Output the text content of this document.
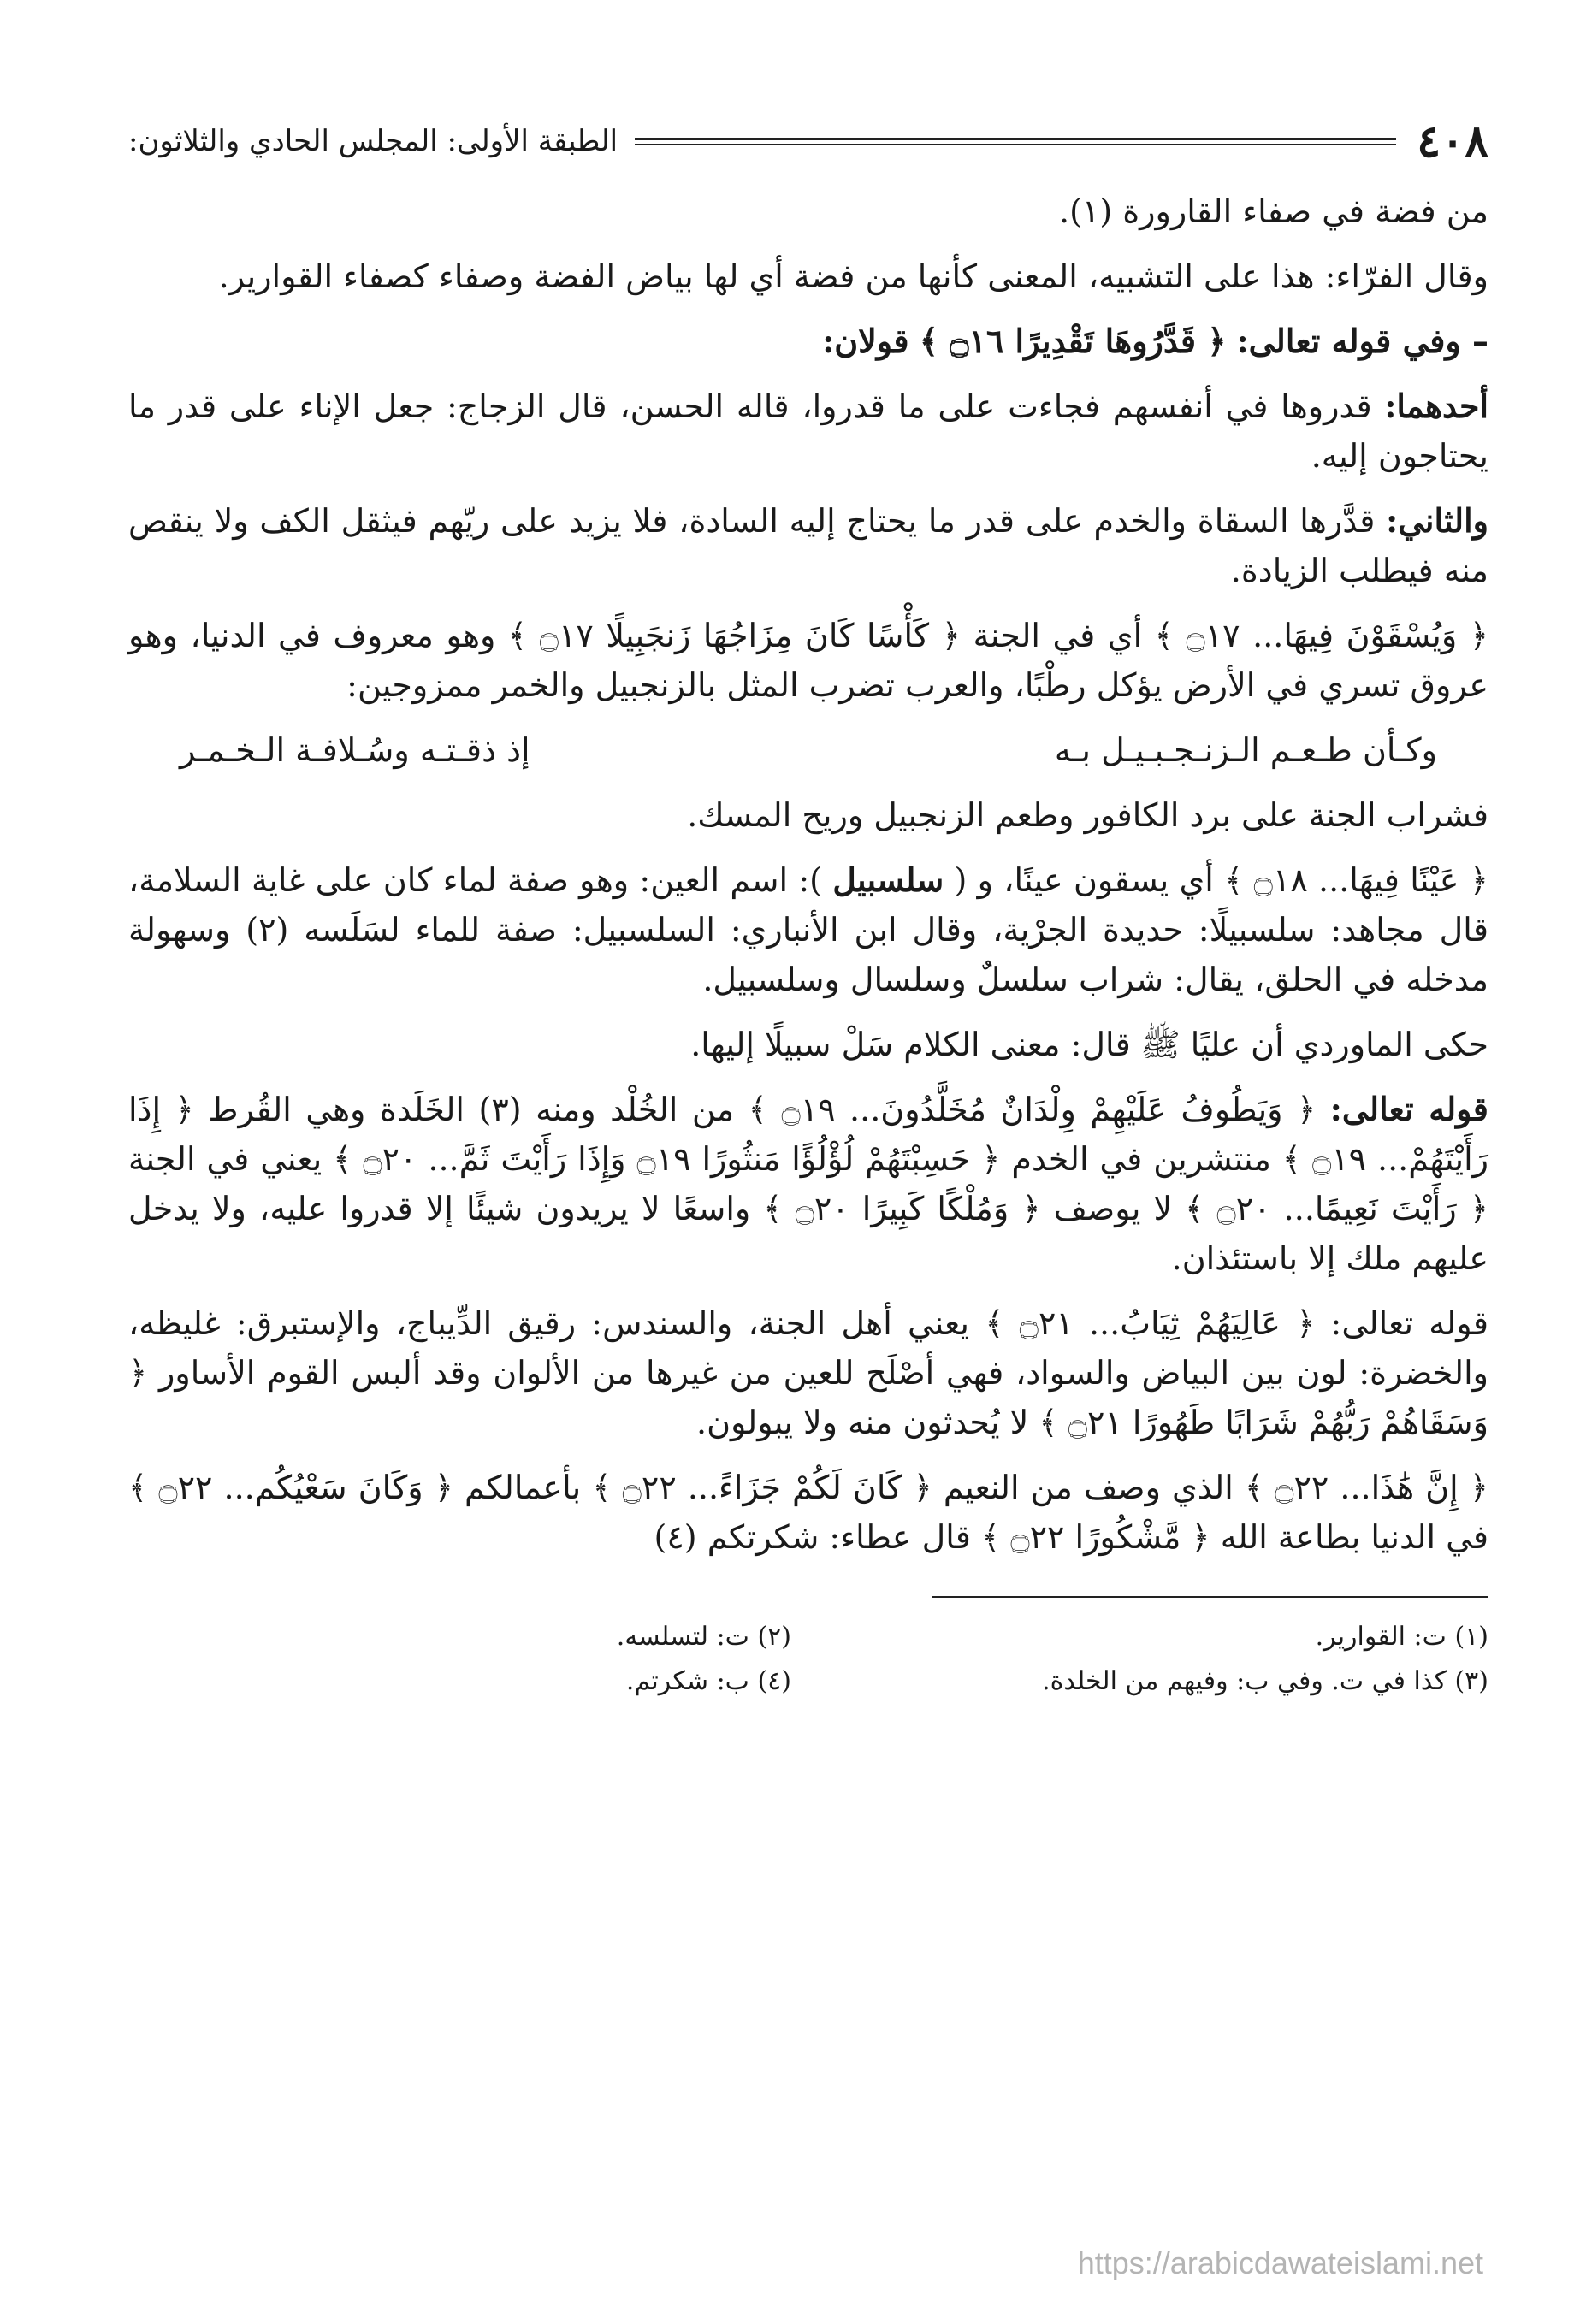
٤٠٨
الطبقة الأولى: المجلس الحادي والثلاثون:

من فضة في صفاء القارورة (١).

وقال الفرّاء: هذا على التشبيه، المعنى كأنها من فضة أي لها بياض الفضة وصفاء كصفاء القوارير.

– وفي قوله تعالى: ﴿ قَدَّرُوهَا تَقْدِيرًا ۝١٦ ﴾ قولان:

أحدهما: قدروها في أنفسهم فجاءت على ما قدروا، قاله الحسن، قال الزجاج: جعل الإناء على قدر ما يحتاجون إليه.

والثاني: قدَّرها السقاة والخدم على قدر ما يحتاج إليه السادة، فلا يزيد على ريّهم فيثقل الكف ولا ينقص منه فيطلب الزيادة.

﴿ وَيُسْقَوْنَ فِيهَا... ۝١٧ ﴾ أي في الجنة ﴿ كَأْسًا كَانَ مِزَاجُهَا زَنجَبِيلًا ۝١٧ ﴾ وهو معروف في الدنيا، وهو عروق تسري في الأرض يؤكل رطْبًا، والعرب تضرب المثل بالزنجبيل والخمر ممزوجين:

وكـأن طـعـم الـزنـجـبـيـل بـه
إذ ذقـتـه وسُـلافـة الـخـمـر

فشراب الجنة على برد الكافور وطعم الزنجبيل وريح المسك.

﴿ عَيْنًا فِيهَا... ۝١٨ ﴾ أي يسقون عينًا، و ( سلسبيل ): اسم العين: وهو صفة لماء كان على غاية السلامة، قال مجاهد: سلسبيلًا: حديدة الجرْية، وقال ابن الأنباري: السلسبيل: صفة للماء لسَلَسه (٢) وسهولة مدخله في الحلق، يقال: شراب سلسلٌ وسلسال وسلسبيل.

حكى الماوردي أن عليًا ﷺ قال: معنى الكلام سَلْ سبيلًا إليها.

قوله تعالى: ﴿ وَيَطُوفُ عَلَيْهِمْ وِلْدَانٌ مُخَلَّدُونَ... ۝١٩ ﴾ من الخُلْد ومنه (٣) الخَلَدة وهي القُرط ﴿ إِذَا رَأَيْتَهُمْ... ۝١٩ ﴾ منتشرين في الخدم ﴿ حَسِبْتَهُمْ لُؤْلُؤًا مَنثُورًا ۝١٩ وَإِذَا رَأَيْتَ ثَمَّ... ۝٢٠ ﴾ يعني في الجنة ﴿ رَأَيْتَ نَعِيمًا... ۝٢٠ ﴾ لا يوصف ﴿ وَمُلْكًا كَبِيرًا ۝٢٠ ﴾ واسعًا لا يريدون شيئًا إلا قدروا عليه، ولا يدخل عليهم ملك إلا باستئذان.

قوله تعالى: ﴿ عَالِيَهُمْ ثِيَابُ... ۝٢١ ﴾ يعني أهل الجنة، والسندس: رقيق الدِّيباج، والإستبرق: غليظه، والخضرة: لون بين البياض والسواد، فهي أصْلَح للعين من غيرها من الألوان وقد ألبس القوم الأساور ﴿ وَسَقَاهُمْ رَبُّهُمْ شَرَابًا طَهُورًا ۝٢١ ﴾ لا يُحدثون منه ولا يبولون.

﴿ إِنَّ هَٰذَا... ۝٢٢ ﴾ الذي وصف من النعيم ﴿ كَانَ لَكُمْ جَزَاءً... ۝٢٢ ﴾ بأعمالكم ﴿ وَكَانَ سَعْيُكُم... ۝٢٢ ﴾ في الدنيا بطاعة الله ﴿ مَّشْكُورًا ۝٢٢ ﴾ قال عطاء: شكرتكم (٤)

(١) ت: القوارير.
(٢) ت: لتسلسه.
(٣) كذا في ت. وفي ب: وفيهم من الخلدة.
(٤) ب: شكرتم.
https://arabicdawateislami.net
